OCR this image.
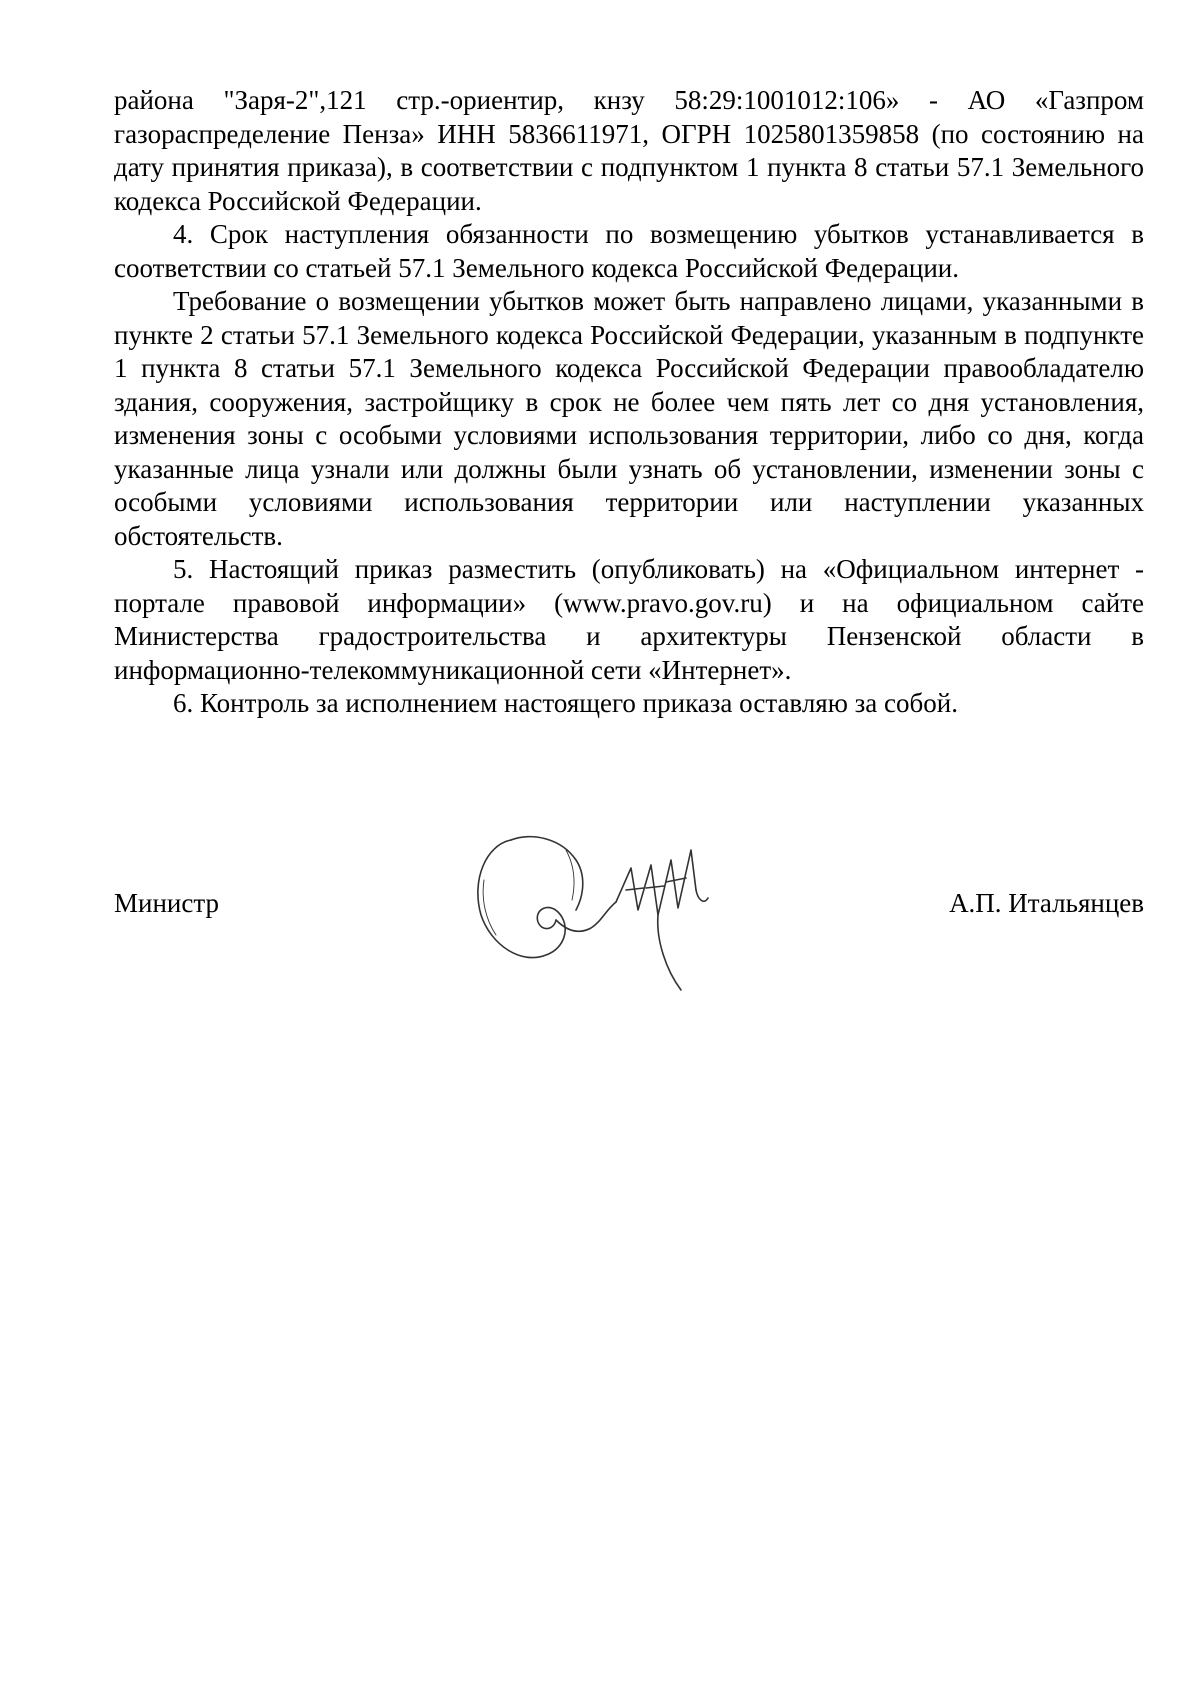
района "Заря-2",121 стр.-ориентир, кнзу 58:29:1001012:106» - АО «Газпром газораспределение Пенза» ИНН 5836611971, ОГРН 1025801359858 (по состоянию на дату принятия приказа), в соответствии с подпунктом 1 пункта 8 статьи 57.1 Земельного кодекса Российской Федерации.

4. Срок наступления обязанности по возмещению убытков устанавливается в соответствии со статьей 57.1 Земельного кодекса Российской Федерации.

Требование о возмещении убытков может быть направлено лицами, указанными в пункте 2 статьи 57.1 Земельного кодекса Российской Федерации, указанным в подпункте 1 пункта 8 статьи 57.1 Земельного кодекса Российской Федерации правообладателю здания, сооружения, застройщику в срок не более чем пять лет со дня установления, изменения зоны с особыми условиями использования территории, либо со дня, когда указанные лица узнали или должны были узнать об установлении, изменении зоны с особыми условиями использования территории или наступлении указанных обстоятельств.

5. Настоящий приказ разместить (опубликовать) на «Официальном интернет - портале правовой информации» (www.pravo.gov.ru) и на официальном сайте Министерства градостроительства и архитектуры Пензенской области в информационно-телекоммуникационной сети «Интернет».

6. Контроль за исполнением настоящего приказа оставляю за собой.

Министр	А.П. Итальянцев
